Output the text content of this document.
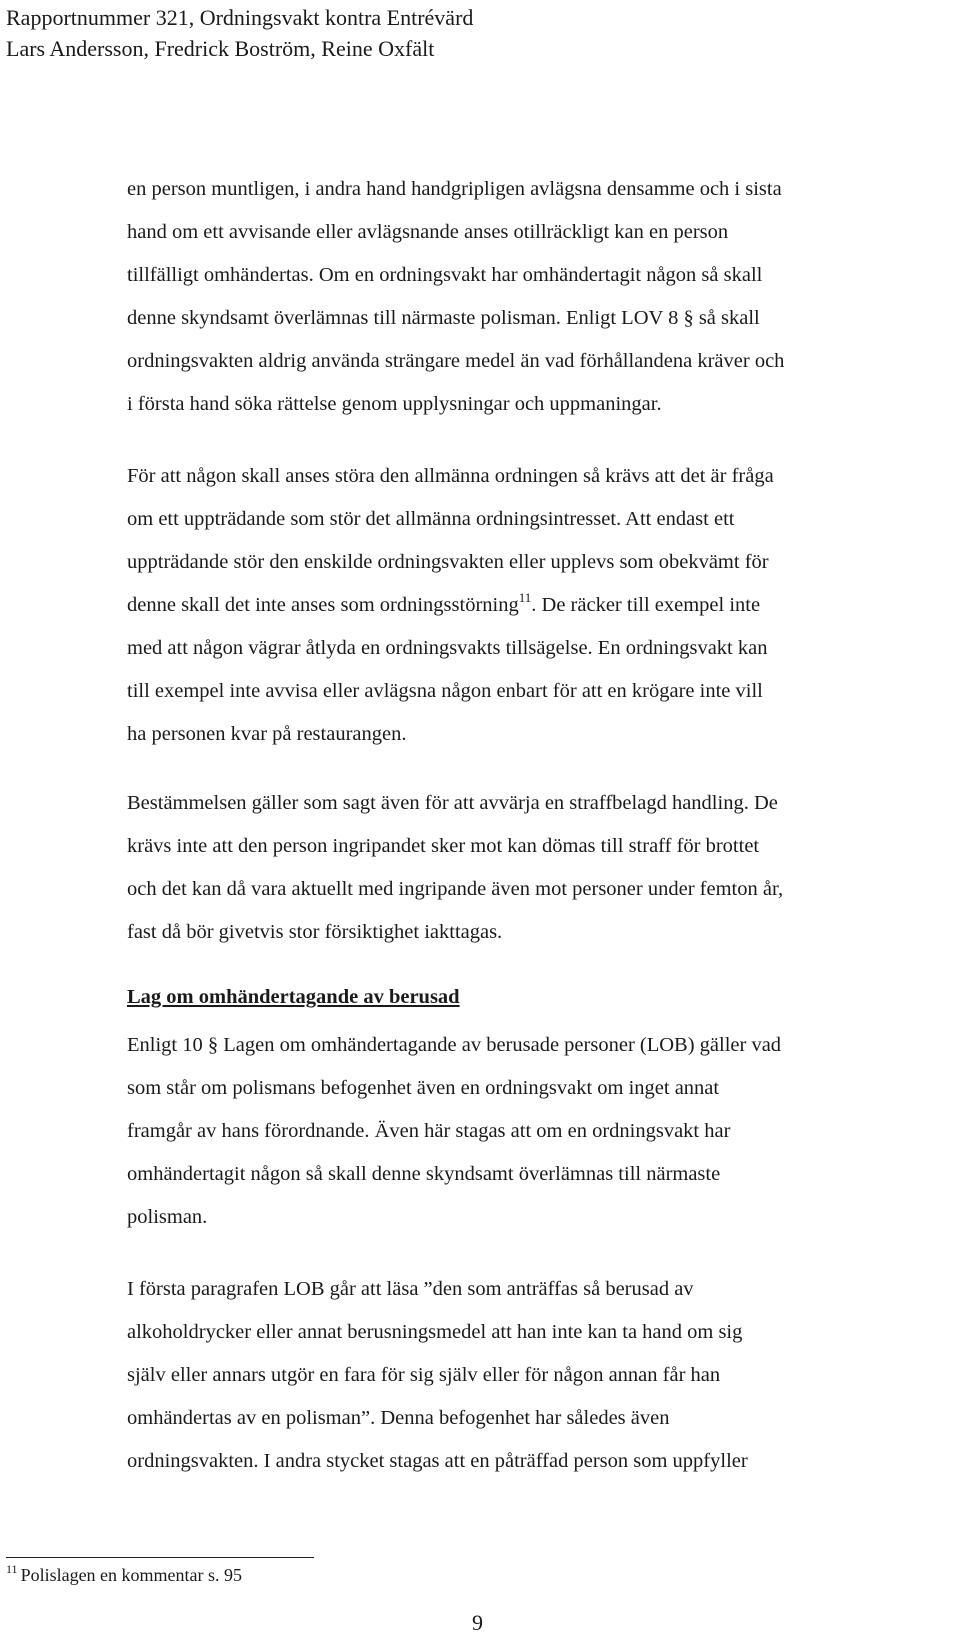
Rapportnummer 321, Ordningsvakt kontra Entrévärd
Lars Andersson, Fredrick Boström, Reine Oxfält
en person muntligen, i andra hand handgripligen avlägsna densamme och i sista
hand om ett avvisande eller avlägsnande anses otillräckligt kan en person
tillfälligt omhändertas. Om en ordningsvakt har omhändertagit någon så skall
denne skyndsamt överlämnas till närmaste polisman. Enligt LOV 8 § så skall
ordningsvakten aldrig använda strängare medel än vad förhållandena kräver och
i första hand söka rättelse genom upplysningar och uppmaningar.
För att någon skall anses störa den allmänna ordningen så krävs att det är fråga
om ett uppträdande som stör det allmänna ordningsintresset. Att endast ett
uppträdande stör den enskilde ordningsvakten eller upplevs som obekvämt för
denne skall det inte anses som ordningsstörning$^{11}$. De räcker till exempel inte
med att någon vägrar åtlyda en ordningsvakts tillsägelse. En ordningsvakt kan
till exempel inte avvisa eller avlägsna någon enbart för att en krögare inte vill
ha personen kvar på restaurangen.
Bestämmelsen gäller som sagt även för att avvärja en straffbelagd handling. De
krävs inte att den person ingripandet sker mot kan dömas till straff för brottet
och det kan då vara aktuellt med ingripande även mot personer under femton år,
fast då bör givetvis stor försiktighet iakttagas.
Lag om omhändertagande av berusad
Enligt 10 § Lagen om omhändertagande av berusade personer (LOB) gäller vad
som står om polismans befogenhet även en ordningsvakt om inget annat
framgår av hans förordnande. Även här stagas att om en ordningsvakt har
omhändertagit någon så skall denne skyndsamt överlämnas till närmaste
polisman.
I första paragrafen LOB går att läsa ”den som anträffas så berusad av
alkoholdrycker eller annat berusningsmedel att han inte kan ta hand om sig
själv eller annars utgör en fara för sig själv eller för någon annan får han
omhändertas av en polisman”. Denna befogenhet har således även
ordningsvakten. I andra stycket stagas att en påträffad person som uppfyller
$^{11}$ Polislagen en kommentar s. 95
9
